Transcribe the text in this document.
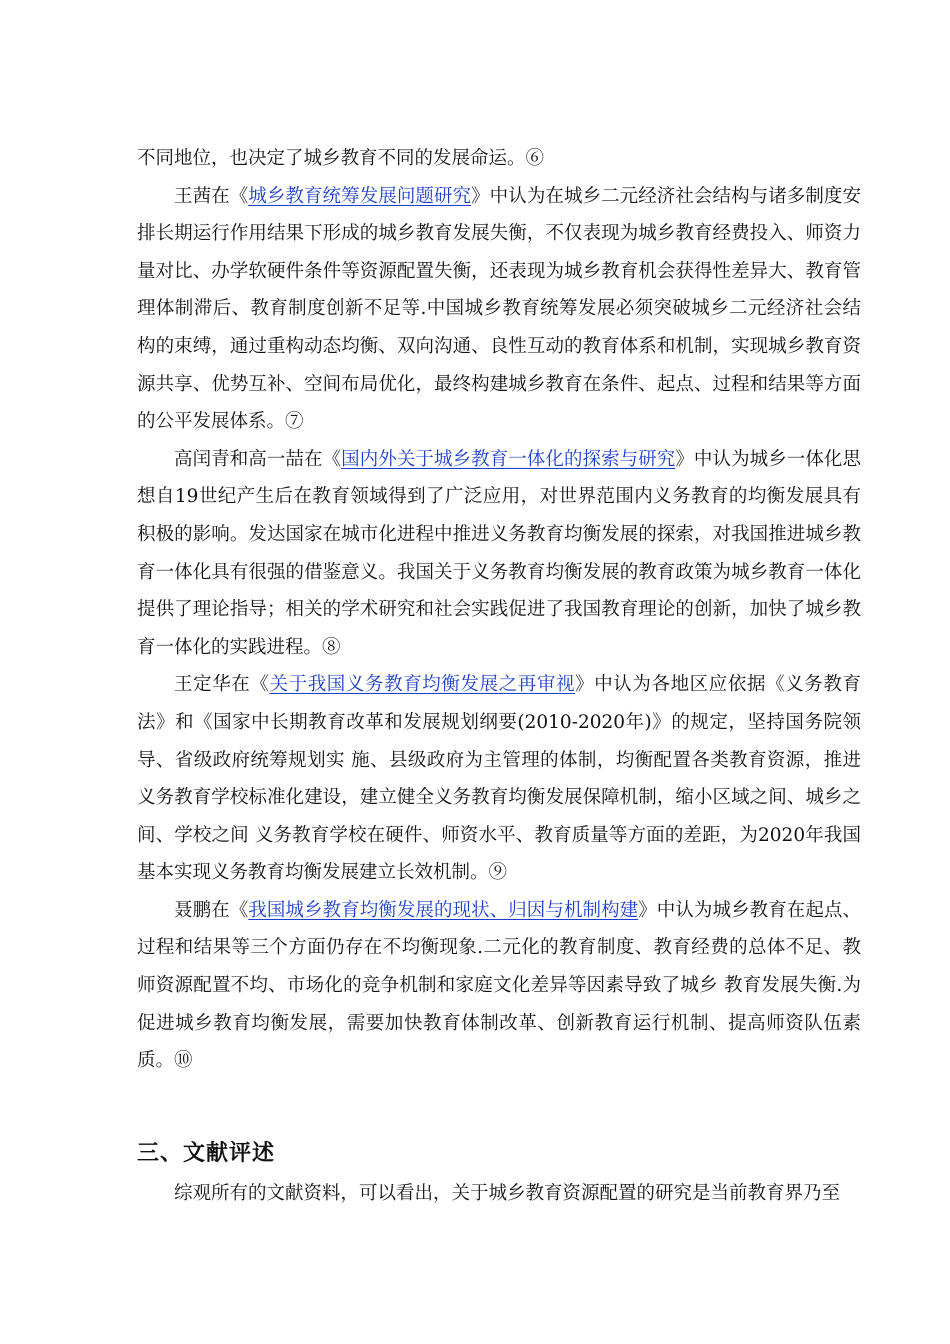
不同地位，也决定了城乡教育不同的发展命运。⑥

王茜在《城乡教育统筹发展问题研究》中认为在城乡二元经济社会结构与诸多制度安排长期运行作用结果下形成的城乡教育发展失衡，不仅表现为城乡教育经费投入、师资力量对比、办学软硬件条件等资源配置失衡，还表现为城乡教育机会获得性差异大、教育管理体制滞后、教育制度创新不足等.中国城乡教育统筹发展必须突破城乡二元经济社会结构的束缚，通过重构动态均衡、双向沟通、良性互动的教育体系和机制，实现城乡教育资源共享、优势互补、空间布局优化，最终构建城乡教育在条件、起点、过程和结果等方面的公平发展体系。⑦

高闰青和高一喆在《国内外关于城乡教育一体化的探索与研究》中认为城乡一体化思想自19世纪产生后在教育领域得到了广泛应用，对世界范围内义务教育的均衡发展具有积极的影响。发达国家在城市化进程中推进义务教育均衡发展的探索，对我国推进城乡教育一体化具有很强的借鉴意义。我国关于义务教育均衡发展的教育政策为城乡教育一体化提供了理论指导；相关的学术研究和社会实践促进了我国教育理论的创新，加快了城乡教育一体化的实践进程。⑧

王定华在《关于我国义务教育均衡发展之再审视》中认为各地区应依据《义务教育法》和《国家中长期教育改革和发展规划纲要(2010-2020年)》的规定，坚持国务院领导、省级政府统筹规划实 施、县级政府为主管理的体制，均衡配置各类教育资源，推进义务教育学校标准化建设，建立健全义务教育均衡发展保障机制，缩小区域之间、城乡之间、学校之间 义务教育学校在硬件、师资水平、教育质量等方面的差距，为2020年我国基本实现义务教育均衡发展建立长效机制。⑨

聂鹏在《我国城乡教育均衡发展的现状、归因与机制构建》中认为城乡教育在起点、过程和结果等三个方面仍存在不均衡现象.二元化的教育制度、教育经费的总体不足、教师资源配置不均、市场化的竞争机制和家庭文化差异等因素导致了城乡 教育发展失衡.为促进城乡教育均衡发展，需要加快教育体制改革、创新教育运行机制、提高师资队伍素质。⑩

三、文献评述

综观所有的文献资料，可以看出，关于城乡教育资源配置的研究是当前教育界乃至
